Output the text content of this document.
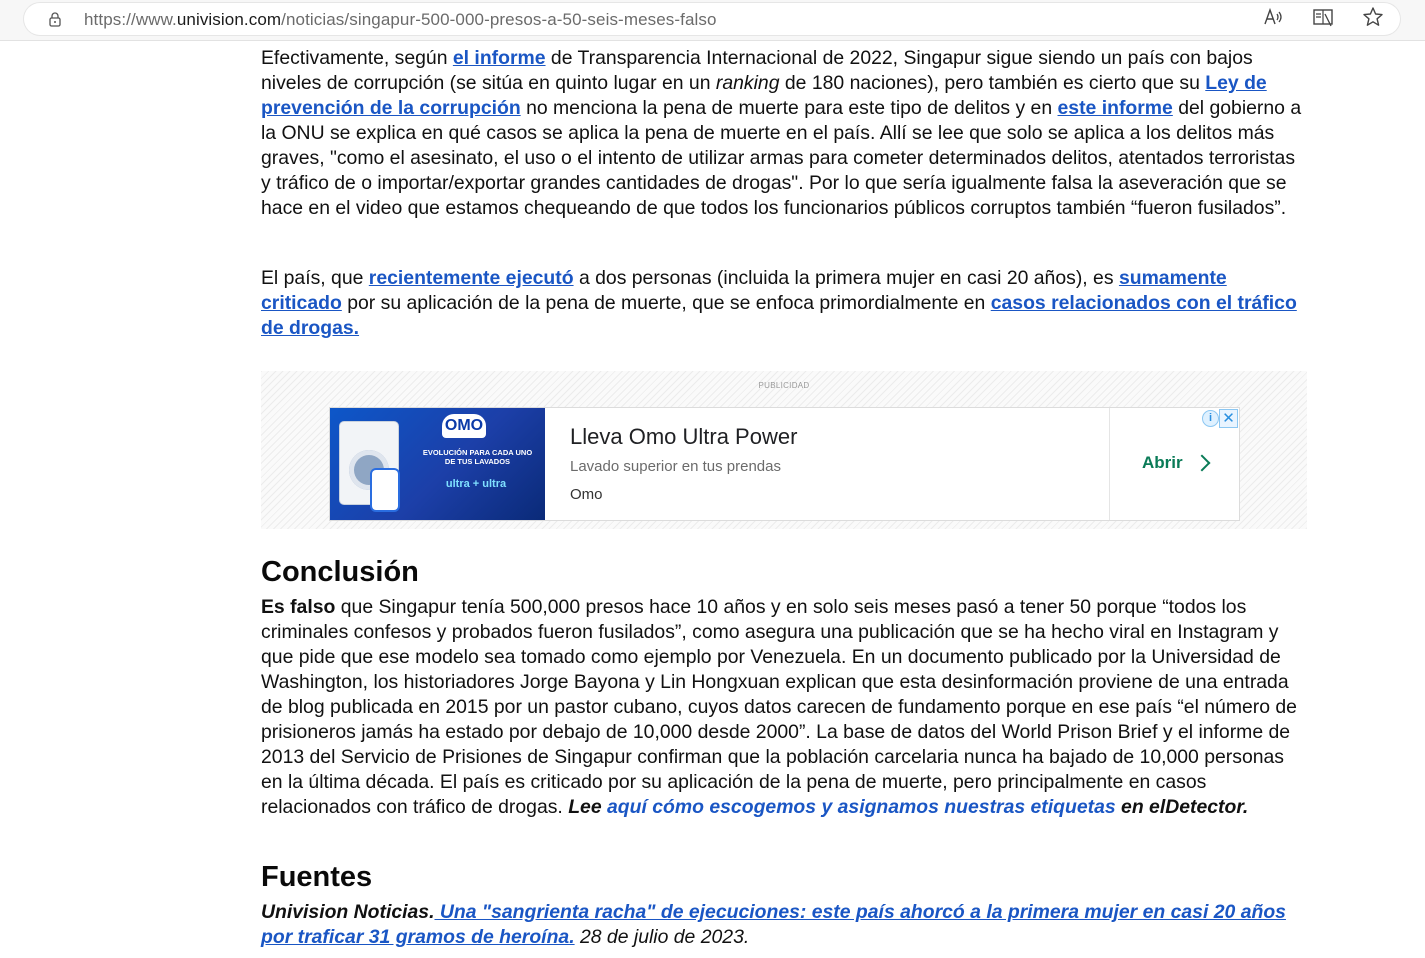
https://www.univision.com/noticias/singapur-500-000-presos-a-50-seis-meses-falso

Efectivamente, según el informe de Transparencia Internacional de 2022, Singapur sigue siendo un país con bajos niveles de corrupción (se sitúa en quinto lugar en un ranking de 180 naciones), pero también es cierto que su Ley de prevención de la corrupción no menciona la pena de muerte para este tipo de delitos y en este informe del gobierno a la ONU se explica en qué casos se aplica la pena de muerte en el país. Allí se lee que solo se aplica a los delitos más graves, "como el asesinato, el uso o el intento de utilizar armas para cometer determinados delitos, atentados terroristas y tráfico de o importar/exportar grandes cantidades de drogas". Por lo que sería igualmente falsa la aseveración que se hace en el video que estamos chequeando de que todos los funcionarios públicos corruptos también “fueron fusilados”.

El país, que recientemente ejecutó a dos personas (incluida la primera mujer en casi 20 años), es sumamente criticado por su aplicación de la pena de muerte, que se enfoca primordialmente en casos relacionados con el tráfico de drogas.

PUBLICIDAD
OMO
EVOLUCIÓN PARA CADA UNO DE TUS LAVADOS
ultra + ultra
Lleva Omo Ultra Power
Lavado superior en tus prendas
Omo
Abrir
i ✕
Conclusión

Es falso que Singapur tenía 500,000 presos hace 10 años y en solo seis meses pasó a tener 50 porque “todos los criminales confesos y probados fueron fusilados”, como asegura una publicación que se ha hecho viral en Instagram y que pide que ese modelo sea tomado como ejemplo por Venezuela. En un documento publicado por la Universidad de Washington, los historiadores Jorge Bayona y Lin Hongxuan explican que esta desinformación proviene de una entrada de blog publicada en 2015 por un pastor cubano, cuyos datos carecen de fundamento porque en ese país “el número de prisioneros jamás ha estado por debajo de 10,000 desde 2000”. La base de datos del World Prison Brief y el informe de 2013 del Servicio de Prisiones de Singapur confirman que la población carcelaria nunca ha bajado de 10,000 personas en la última década. El país es criticado por su aplicación de la pena de muerte, pero principalmente en casos relacionados con tráfico de drogas. Lee aquí cómo escogemos y asignamos nuestras etiquetas en elDetector.

Fuentes

Univision Noticias. Una "sangrienta racha" de ejecuciones: este país ahorcó a la primera mujer en casi 20 años por traficar 31 gramos de heroína. 28 de julio de 2023.
